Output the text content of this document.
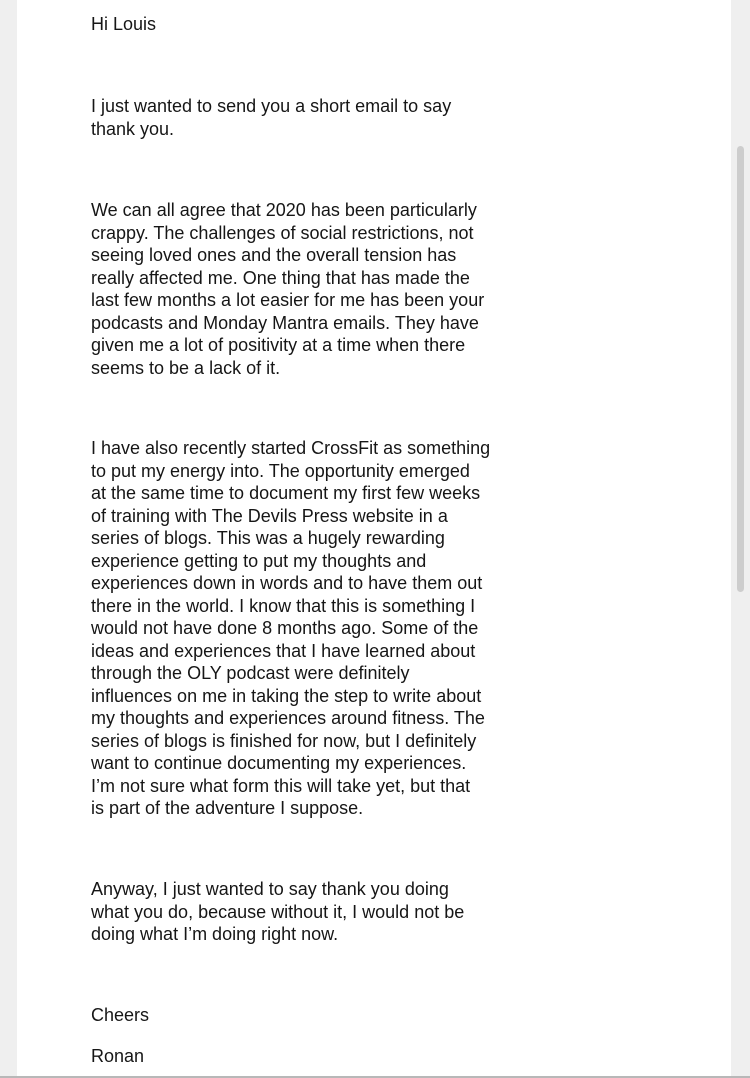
Hi Louis
I just wanted to send you a short email to say
thank you.
We can all agree that 2020 has been particularly
crappy. The challenges of social restrictions, not
seeing loved ones and the overall tension has
really affected me. One thing that has made the
last few months a lot easier for me has been your
podcasts and Monday Mantra emails. They have
given me a lot of positivity at a time when there
seems to be a lack of it.
I have also recently started CrossFit as something
to put my energy into. The opportunity emerged
at the same time to document my first few weeks
of training with The Devils Press website in a
series of blogs. This was a hugely rewarding
experience getting to put my thoughts and
experiences down in words and to have them out
there in the world. I know that this is something I
would not have done 8 months ago. Some of the
ideas and experiences that I have learned about
through the OLY podcast were definitely
influences on me in taking the step to write about
my thoughts and experiences around fitness. The
series of blogs is finished for now, but I definitely
want to continue documenting my experiences.
I’m not sure what form this will take yet, but that
is part of the adventure I suppose.
Anyway, I just wanted to say thank you doing
what you do, because without it, I would not be
doing what I’m doing right now.
Cheers
Ronan
